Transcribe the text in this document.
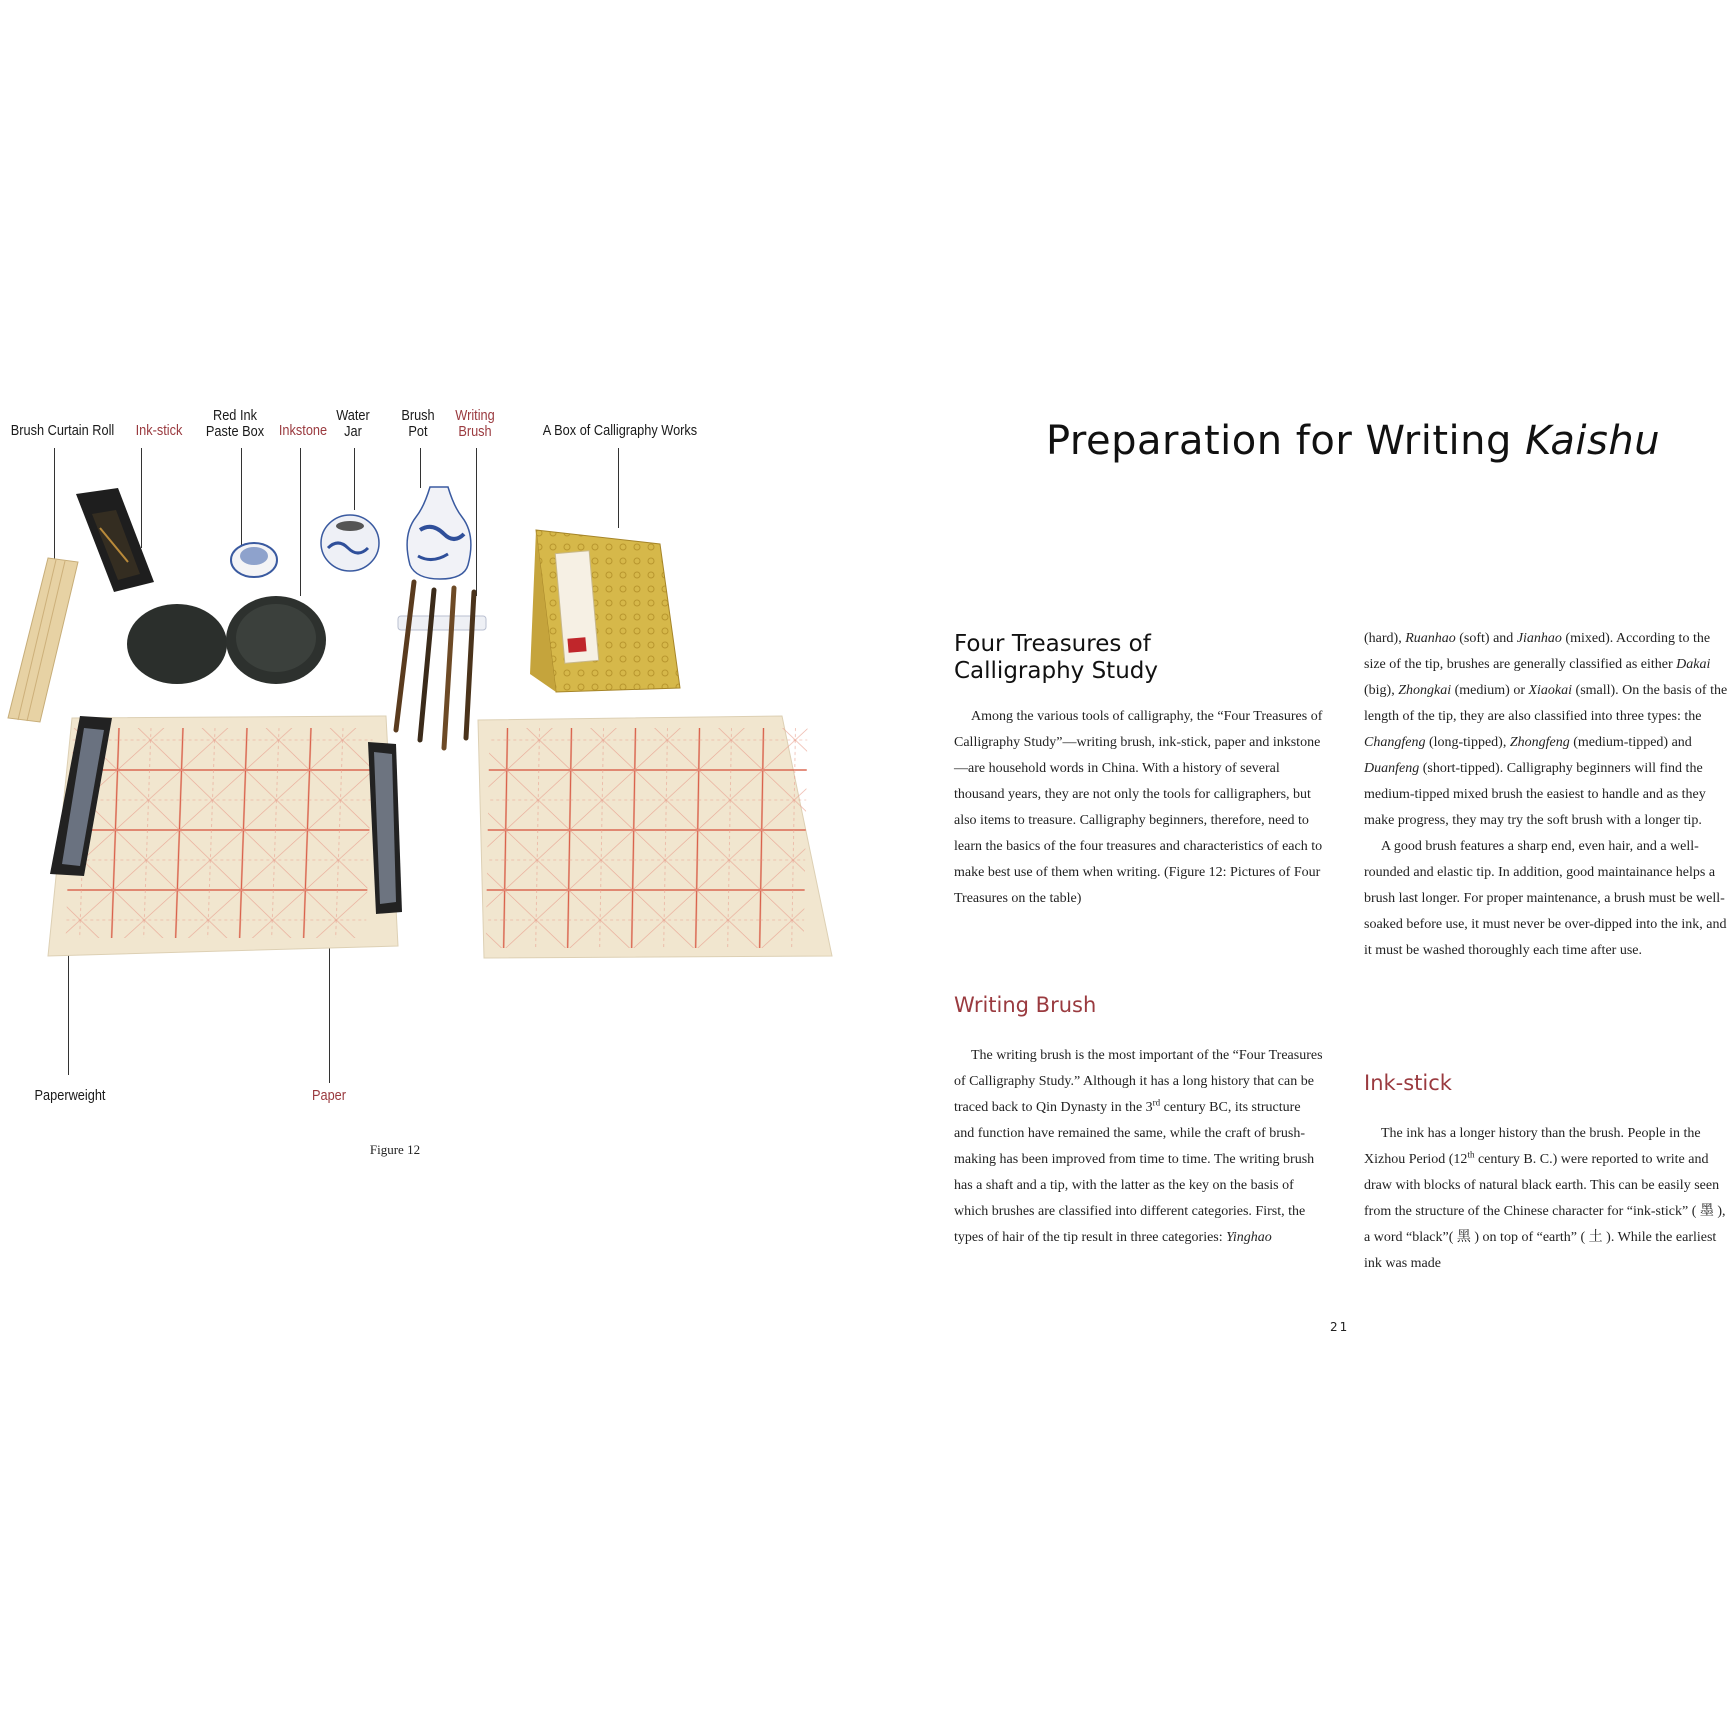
Brush Curtain Roll	Ink-stick
Red Ink
Paste Box	Inkstone
Water
Jar
Brush
Pot
Writing
Brush	A Box of Calligraphy Works
Paperweight	Paper
Figure 12
Preparation for Writing Kaishu
Four Treasures of
Calligraphy Study

Among the various tools of calligraphy, the “Four Treasures of Calligraphy Study”—writing brush, ink-stick, paper and inkstone—are household words in China. With a history of several thousand years, they are not only the tools for calligraphers, but also items to treasure. Calligraphy beginners, therefore, need to learn the basics of the four treasures and characteristics of each to make best use of them when writing. (Figure 12: Pictures of Four Treasures on the table)

Writing Brush

The writing brush is the most important of the “Four Treasures of Calligraphy Study.” Although it has a long history that can be traced back to Qin Dynasty in the 3rd century BC, its structure and function have remained the same, while the craft of brush-making has been improved from time to time. The writing brush has a shaft and a tip, with the latter as the key on the basis of which brushes are classified into different categories. First, the types of hair of the tip result in three categories: Yinghao

(hard), Ruanhao (soft) and Jianhao (mixed). According to the size of the tip, brushes are generally classified as either Dakai (big), Zhongkai (medium) or Xiaokai (small). On the basis of the length of the tip, they are also classified into three types: the Changfeng (long-tipped), Zhongfeng (medium-tipped) and Duanfeng (short-tipped). Calligraphy beginners will find the medium-tipped mixed brush the easiest to handle and as they make progress, they may try the soft brush with a longer tip.

A good brush features a sharp end, even hair, and a well-rounded and elastic tip. In addition, good maintainance helps a brush last longer. For proper maintenance, a brush must be well-soaked before use, it must never be over-dipped into the ink, and it must be washed thoroughly each time after use.

Ink-stick

The ink has a longer history than the brush. People in the Xizhou Period (12th century B. C.) were reported to write and draw with blocks of natural black earth. This can be easily seen from the structure of the Chinese character for “ink-stick” ( 墨 ), a word “black”( 黑 ) on top of “earth” ( 土 ). While the earliest ink was made

21
